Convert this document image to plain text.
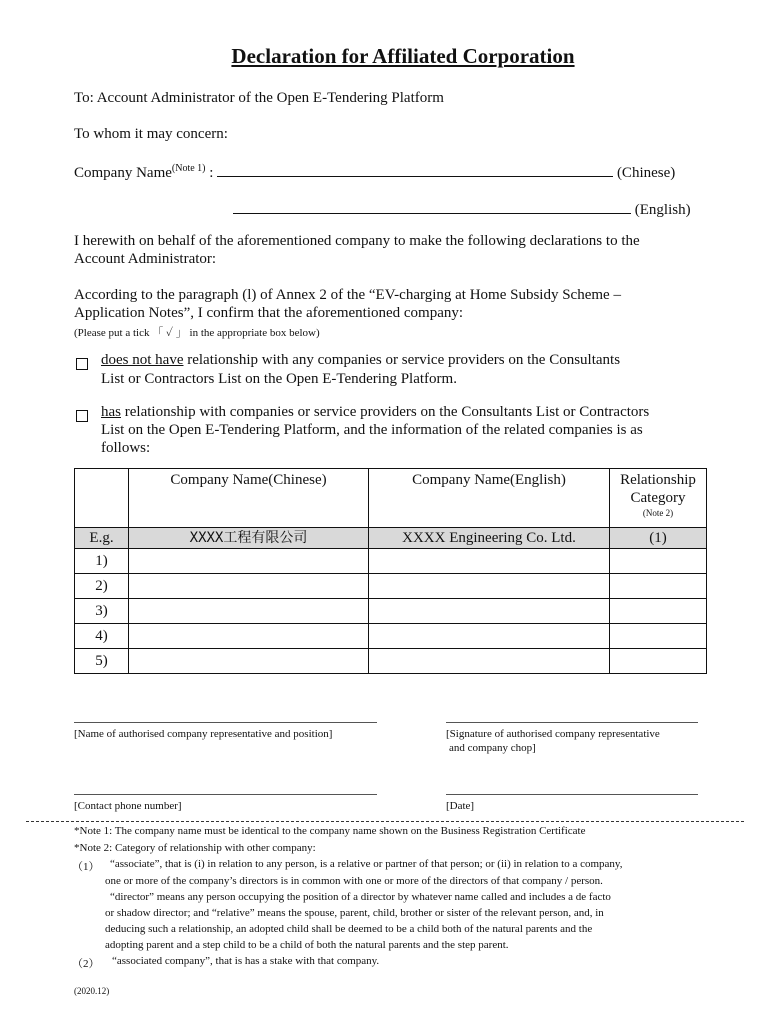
Declaration for Affiliated Corporation
To: Account Administrator of the Open E-Tendering Platform
To whom it may concern:
Company Name$^{(Note 1)}$ :	(Chinese)
(English)
I herewith on behalf of the aforementioned company to make the following declarations to the
Account Administrator:
According to the paragraph (l) of Annex 2 of the “EV-charging at Home Subsidy Scheme –
Application Notes”, I confirm that the aforementioned company:
(Please put a tick 「 ✓ 」 in the appropriate box below)
does not have relationship with any companies or service providers on the Consultants
List or Contractors List on the Open E-Tendering Platform.
has relationship with companies or service providers on the Consultants List or Contractors
List on the Open E-Tendering Platform, and the information of the related companies is as
follows:
	Company Name(Chinese)	Company Name(English)	Relationship
Category
(Note 2)

E.g.	XXXX工程有限公司	XXXX Engineering Co. Ltd.	(1)
1)			
2)			
3)			
4)			
5)			
[Name of authorised company representative and position]	[Signature of authorised company representative
and company chop]
[Contact phone number]	[Date]
*Note 1: The company name must be identical to the company name shown on the Business Registration Certificate
*Note 2: Category of relationship with other company:
（1） “associate”, that is (i) in relation to any person, is a relative or partner of that person; or (ii) in relation to a company,
one or more of the company’s directors is in common with one or more of the directors of that company / person.
“director” means any person occupying the position of a director by whatever name called and includes a de facto
or shadow director; and “relative” means the spouse, parent, child, brother or sister of the relevant person, and, in
deducing such a relationship, an adopted child shall be deemed to be a child both of the natural parents and the
adopting parent and a step child to be a child of both the natural parents and the step parent.
（2） “associated company”, that is has a stake with that company.
(2020.12)
